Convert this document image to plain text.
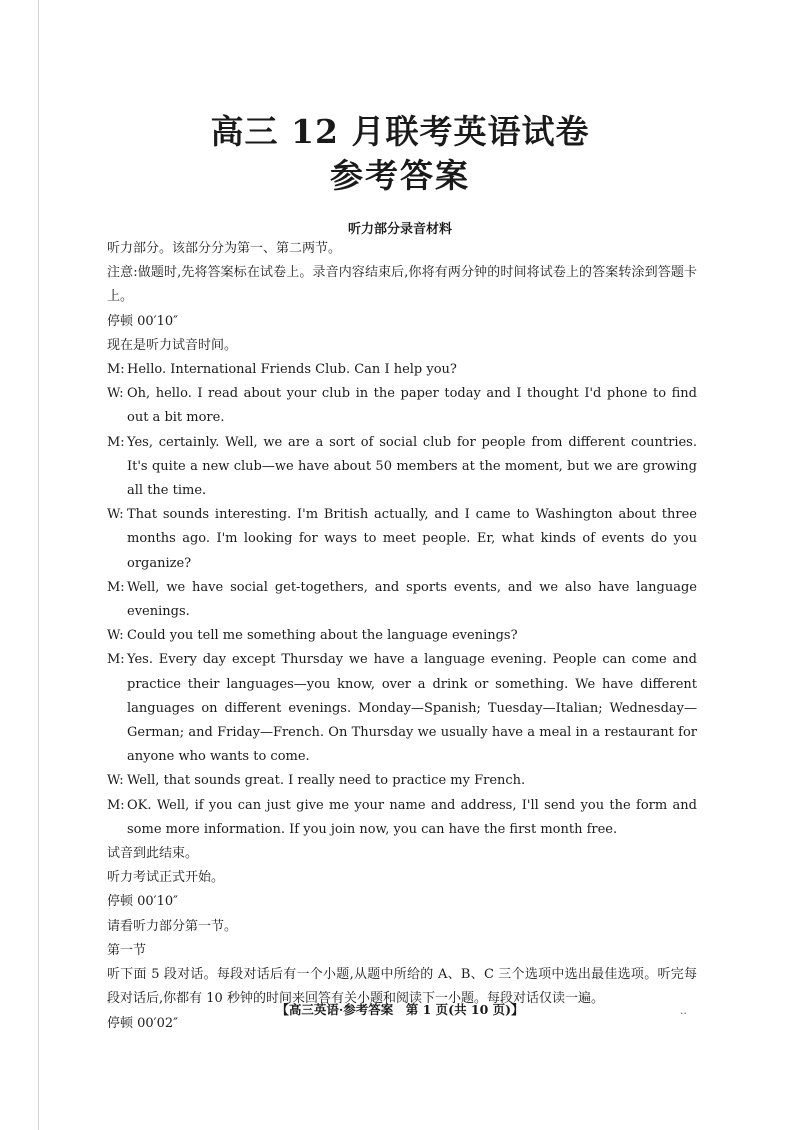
高三 12 月联考英语试卷
参考答案
听力部分录音材料
听力部分。该部分分为第一、第二两节。
注意:做题时,先将答案标在试卷上。录音内容结束后,你将有两分钟的时间将试卷上的答案转涂到答题卡上。
停顿 00′10″
现在是听力试音时间。
M: Hello. International Friends Club. Can I help you?
W: Oh, hello. I read about your club in the paper today and I thought I'd phone to find out a bit more.
M: Yes, certainly. Well, we are a sort of social club for people from different countries. It's quite a new club—we have about 50 members at the moment, but we are growing all the time.
W: That sounds interesting. I'm British actually, and I came to Washington about three months ago. I'm looking for ways to meet people. Er, what kinds of events do you organize?
M: Well, we have social get-togethers, and sports events, and we also have language evenings.
W: Could you tell me something about the language evenings?
M: Yes. Every day except Thursday we have a language evening. People can come and practice their languages—you know, over a drink or something. We have different languages on different evenings. Monday—Spanish; Tuesday—Italian; Wednesday—German; and Friday—French. On Thursday we usually have a meal in a restaurant for anyone who wants to come.
W: Well, that sounds great. I really need to practice my French.
M: OK. Well, if you can just give me your name and address, I'll send you the form and some more information. If you join now, you can have the first month free.
试音到此结束。
听力考试正式开始。
停顿 00′10″
请看听力部分第一节。
第一节
听下面 5 段对话。每段对话后有一个小题,从题中所给的 A、B、C 三个选项中选出最佳选项。听完每段对话后,你都有 10 秒钟的时间来回答有关小题和阅读下一小题。每段对话仅读一遍。
停顿 00′02″
【高三英语·参考答案　第 1 页(共 10 页)】	..
